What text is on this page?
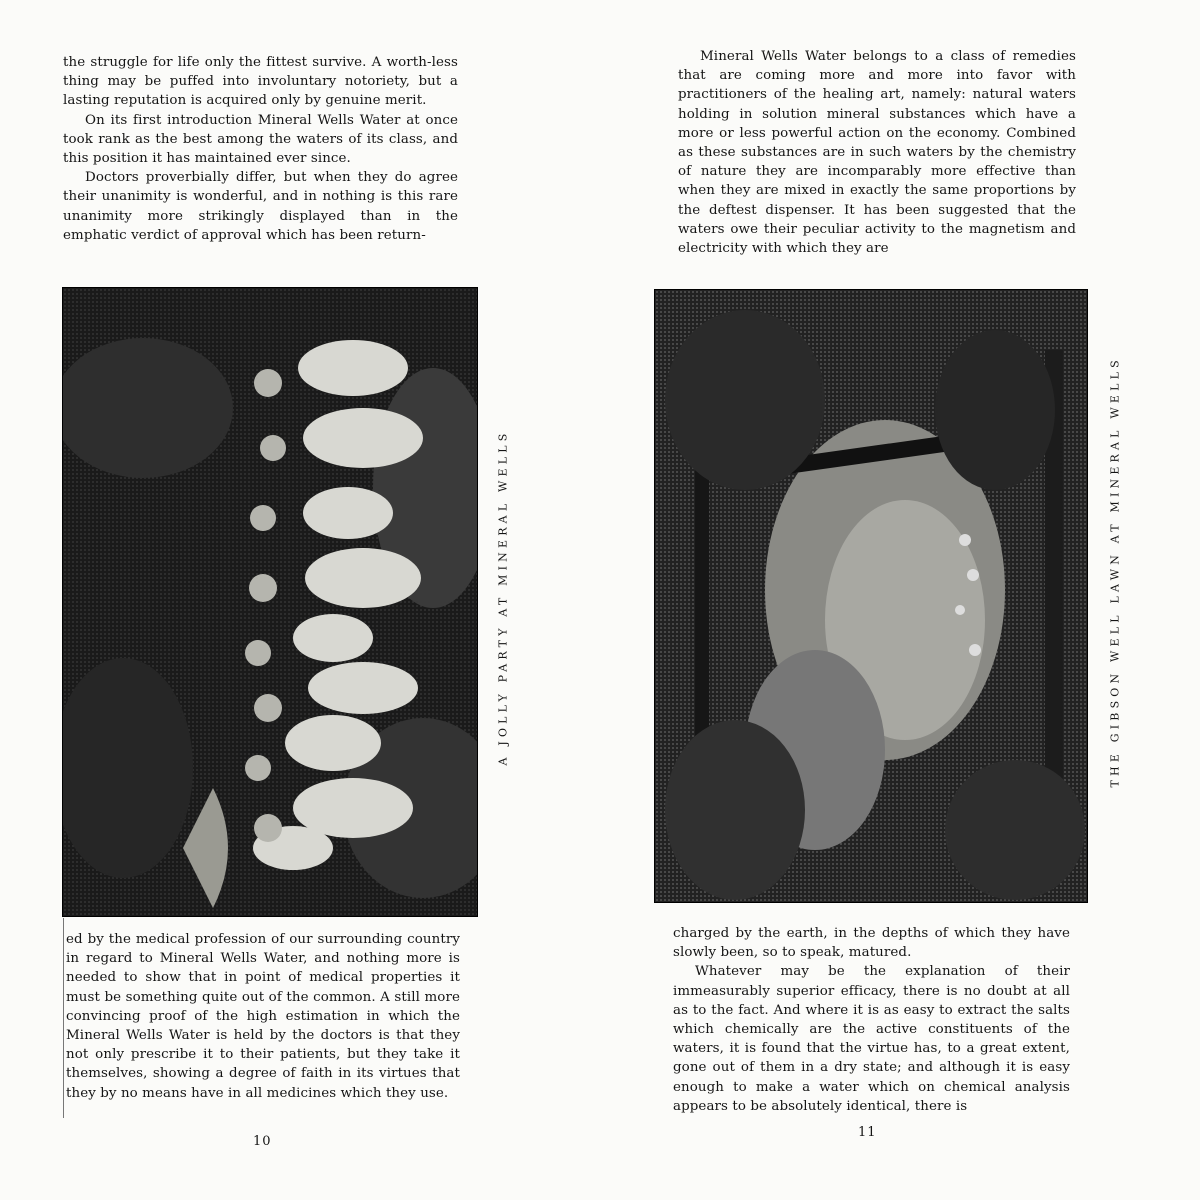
the struggle for life only the fittest survive. A worth-less thing may be puffed into involuntary notoriety, but a lasting reputation is acquired only by genuine merit.

On its first introduction Mineral Wells Water at once took rank as the best among the waters of its class, and this position it has maintained ever since.

Doctors proverbially differ, but when they do agree their unanimity is wonderful, and in nothing is this rare unanimity more strikingly displayed than in the emphatic verdict of approval which has been return-

A JOLLY PARTY AT MINERAL WELLS

ed by the medical profession of our surrounding country in regard to Mineral Wells Water, and nothing more is needed to show that in point of medical properties it must be something quite out of the common. A still more convincing proof of the high estimation in which the Mineral Wells Water is held by the doctors is that they not only prescribe it to their patients, but they take it themselves, showing a degree of faith in its virtues that they by no means have in all medicines which they use.

10

Mineral Wells Water belongs to a class of remedies that are coming more and more into favor with practitioners of the healing art, namely: natural waters holding in solution mineral substances which have a more or less powerful action on the economy. Combined as these substances are in such waters by the chemistry of nature they are incomparably more effective than when they are mixed in exactly the same proportions by the deftest dispenser. It has been suggested that the waters owe their peculiar activity to the magnetism and electricity with which they are

THE GIBSON WELL LAWN AT MINERAL WELLS

charged by the earth, in the depths of which they have slowly been, so to speak, matured.

Whatever may be the explanation of their immeasurably superior efficacy, there is no doubt at all as to the fact. And where it is as easy to extract the salts which chemically are the active constituents of the waters, it is found that the virtue has, to a great extent, gone out of them in a dry state; and although it is easy enough to make a water which on chemical analysis appears to be absolutely identical, there is

11
